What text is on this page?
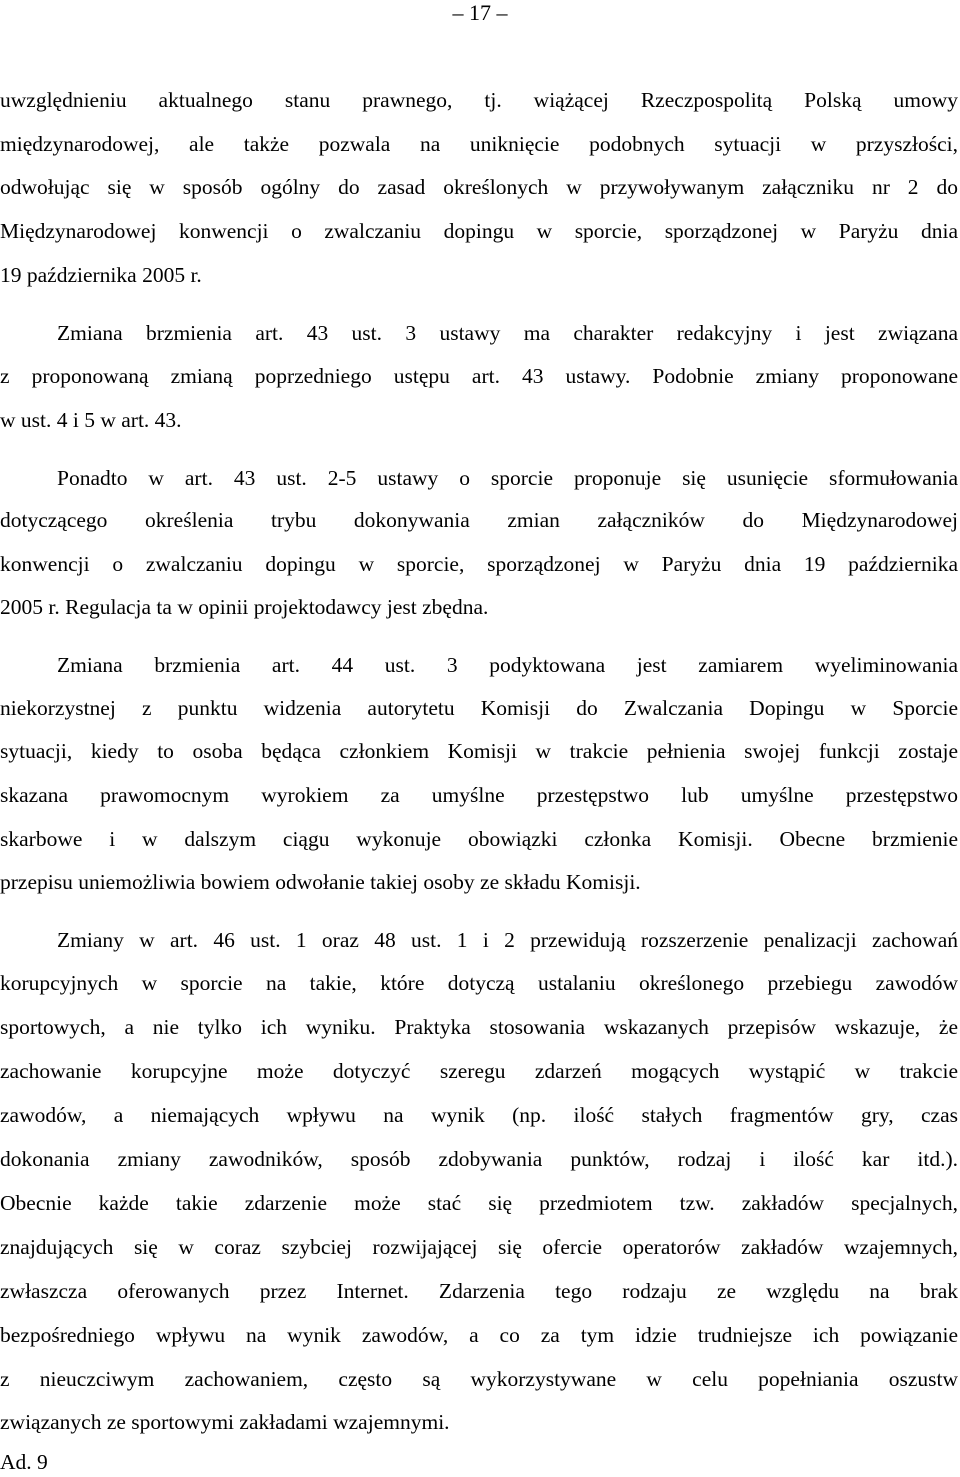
– 17 –
uwzględnieniu aktualnego stanu prawnego, tj. wiążącej Rzeczpospolitą Polską umowy
międzynarodowej, ale także pozwala na uniknięcie podobnych sytuacji w przyszłości,
odwołując się w sposób ogólny do zasad określonych w przywoływanym załączniku nr 2 do
Międzynarodowej konwencji o zwalczaniu dopingu w sporcie, sporządzonej w Paryżu dnia
19 października 2005 r.
Zmiana brzmienia art. 43 ust. 3 ustawy ma charakter redakcyjny i jest związana
z proponowaną zmianą poprzedniego ustępu art. 43 ustawy. Podobnie zmiany proponowane
w ust. 4 i 5 w art. 43.
Ponadto w art. 43 ust. 2-5 ustawy o sporcie proponuje się usunięcie sformułowania
dotyczącego określenia trybu dokonywania zmian załączników do Międzynarodowej
konwencji o zwalczaniu dopingu w sporcie, sporządzonej w Paryżu dnia 19 października
2005 r. Regulacja ta w opinii projektodawcy jest zbędna.
Zmiana brzmienia art. 44 ust. 3 podyktowana jest zamiarem wyeliminowania
niekorzystnej z punktu widzenia autorytetu Komisji do Zwalczania Dopingu w Sporcie
sytuacji, kiedy to osoba będąca członkiem Komisji w trakcie pełnienia swojej funkcji zostaje
skazana prawomocnym wyrokiem za umyślne przestępstwo lub umyślne przestępstwo
skarbowe i w dalszym ciągu wykonuje obowiązki członka Komisji. Obecne brzmienie
przepisu uniemożliwia bowiem odwołanie takiej osoby ze składu Komisji.
Zmiany w art. 46 ust. 1 oraz 48 ust. 1 i 2 przewidują rozszerzenie penalizacji zachowań
korupcyjnych w sporcie na takie, które dotyczą ustalaniu określonego przebiegu zawodów
sportowych, a nie tylko ich wyniku. Praktyka stosowania wskazanych przepisów wskazuje, że
zachowanie korupcyjne może dotyczyć szeregu zdarzeń mogących wystąpić w trakcie
zawodów, a niemających wpływu na wynik (np. ilość stałych fragmentów gry, czas
dokonania zmiany zawodników, sposób zdobywania punktów, rodzaj i ilość kar itd.).
Obecnie każde takie zdarzenie może stać się przedmiotem tzw. zakładów specjalnych,
znajdujących się w coraz szybciej rozwijającej się ofercie operatorów zakładów wzajemnych,
zwłaszcza oferowanych przez Internet. Zdarzenia tego rodzaju ze względu na brak
bezpośredniego wpływu na wynik zawodów, a co za tym idzie trudniejsze ich powiązanie
z nieuczciwym zachowaniem, często są wykorzystywane w celu popełniania oszustw
związanych ze sportowymi zakładami wzajemnymi.
Ad. 9
